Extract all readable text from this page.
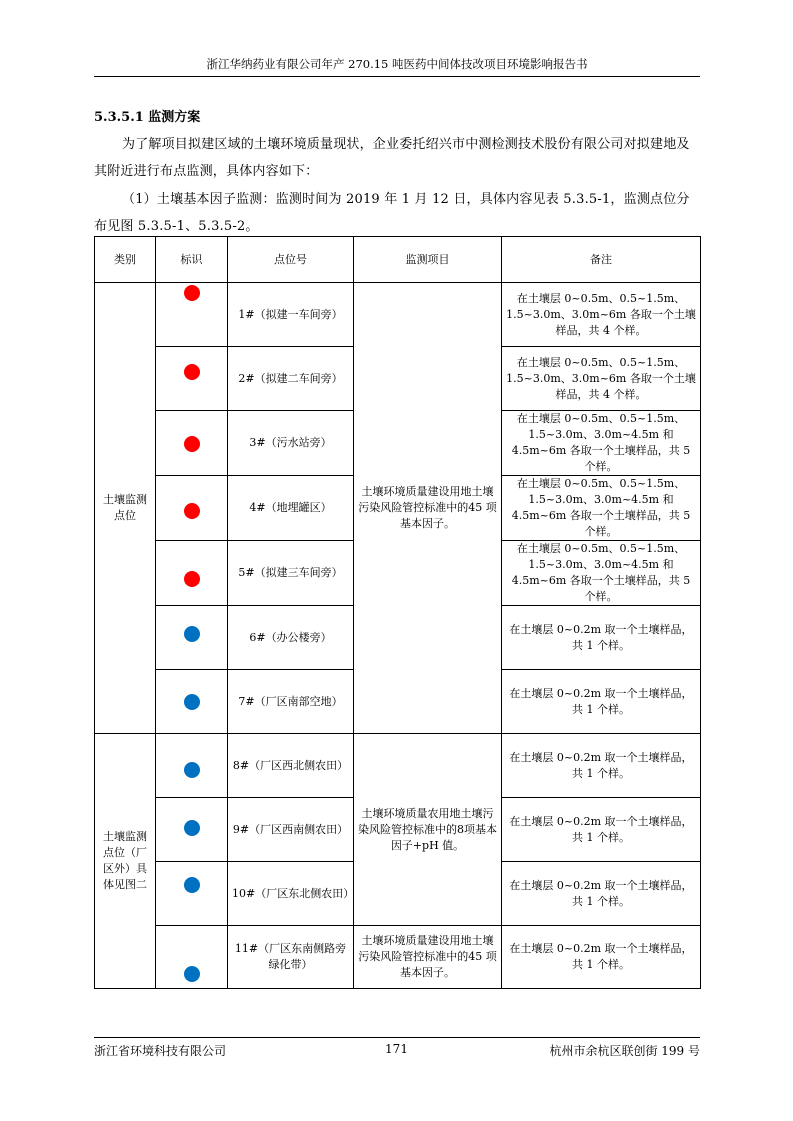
浙江华纳药业有限公司年产 270.15 吨医药中间体技改项目环境影响报告书
5.3.5.1 监测方案

为了解项目拟建区域的土壤环境质量现状，企业委托绍兴市中测检测技术股份有限公司对拟建地及其附近进行布点监测，具体内容如下：

（1）土壤基本因子监测：监测时间为 2019 年 1 月 12 日，具体内容见表 5.3.5-1，监测点位分布见图 5.3.5-1、5.3.5-2。

类别	标识	点位号	监测项目	备注
土壤监测点位		1#（拟建一车间旁）	土壤环境质量建设用地土壤污染风险管控标准中的45 项基本因子。	在土壤层 0~0.5m、0.5~1.5m、1.5~3.0m、3.0m~6m 各取一个土壤样品，共 4 个样。

		2#（拟建二车间旁）		在土壤层 0~0.5m、0.5~1.5m、1.5~3.0m、3.0m~6m 各取一个土壤样品，共 4 个样。

		3#（污水站旁）		在土壤层 0~0.5m、0.5~1.5m、1.5~3.0m、3.0m~4.5m 和 4.5m~6m 各取一个土壤样品，共 5 个样。

		4#（地埋罐区）		在土壤层 0~0.5m、0.5~1.5m、1.5~3.0m、3.0m~4.5m 和 4.5m~6m 各取一个土壤样品，共 5 个样。

		5#（拟建三车间旁）		在土壤层 0~0.5m、0.5~1.5m、1.5~3.0m、3.0m~4.5m 和 4.5m~6m 各取一个土壤样品，共 5 个样。

		6#（办公楼旁）		在土壤层 0~0.2m 取一个土壤样品，共 1 个样。

		7#（厂区南部空地）		在土壤层 0~0.2m 取一个土壤样品，共 1 个样。
土壤监测点位（厂区外）具体见图二		8#（厂区西北侧农田）	土壤环境质量农用地土壤污染风险管控标准中的8项基本因子+pH 值。	在土壤层 0~0.2m 取一个土壤样品，共 1 个样。

		9#（厂区西南侧农田）		在土壤层 0~0.2m 取一个土壤样品，共 1 个样。

		10#（厂区东北侧农田）		在土壤层 0~0.2m 取一个土壤样品，共 1 个样。

		11#（厂区东南侧路旁绿化带）	土壤环境质量建设用地土壤污染风险管控标准中的45 项基本因子。	在土壤层 0~0.2m 取一个土壤样品，共 1 个样。
浙江省环境科技有限公司	171	杭州市余杭区联创街 199 号
